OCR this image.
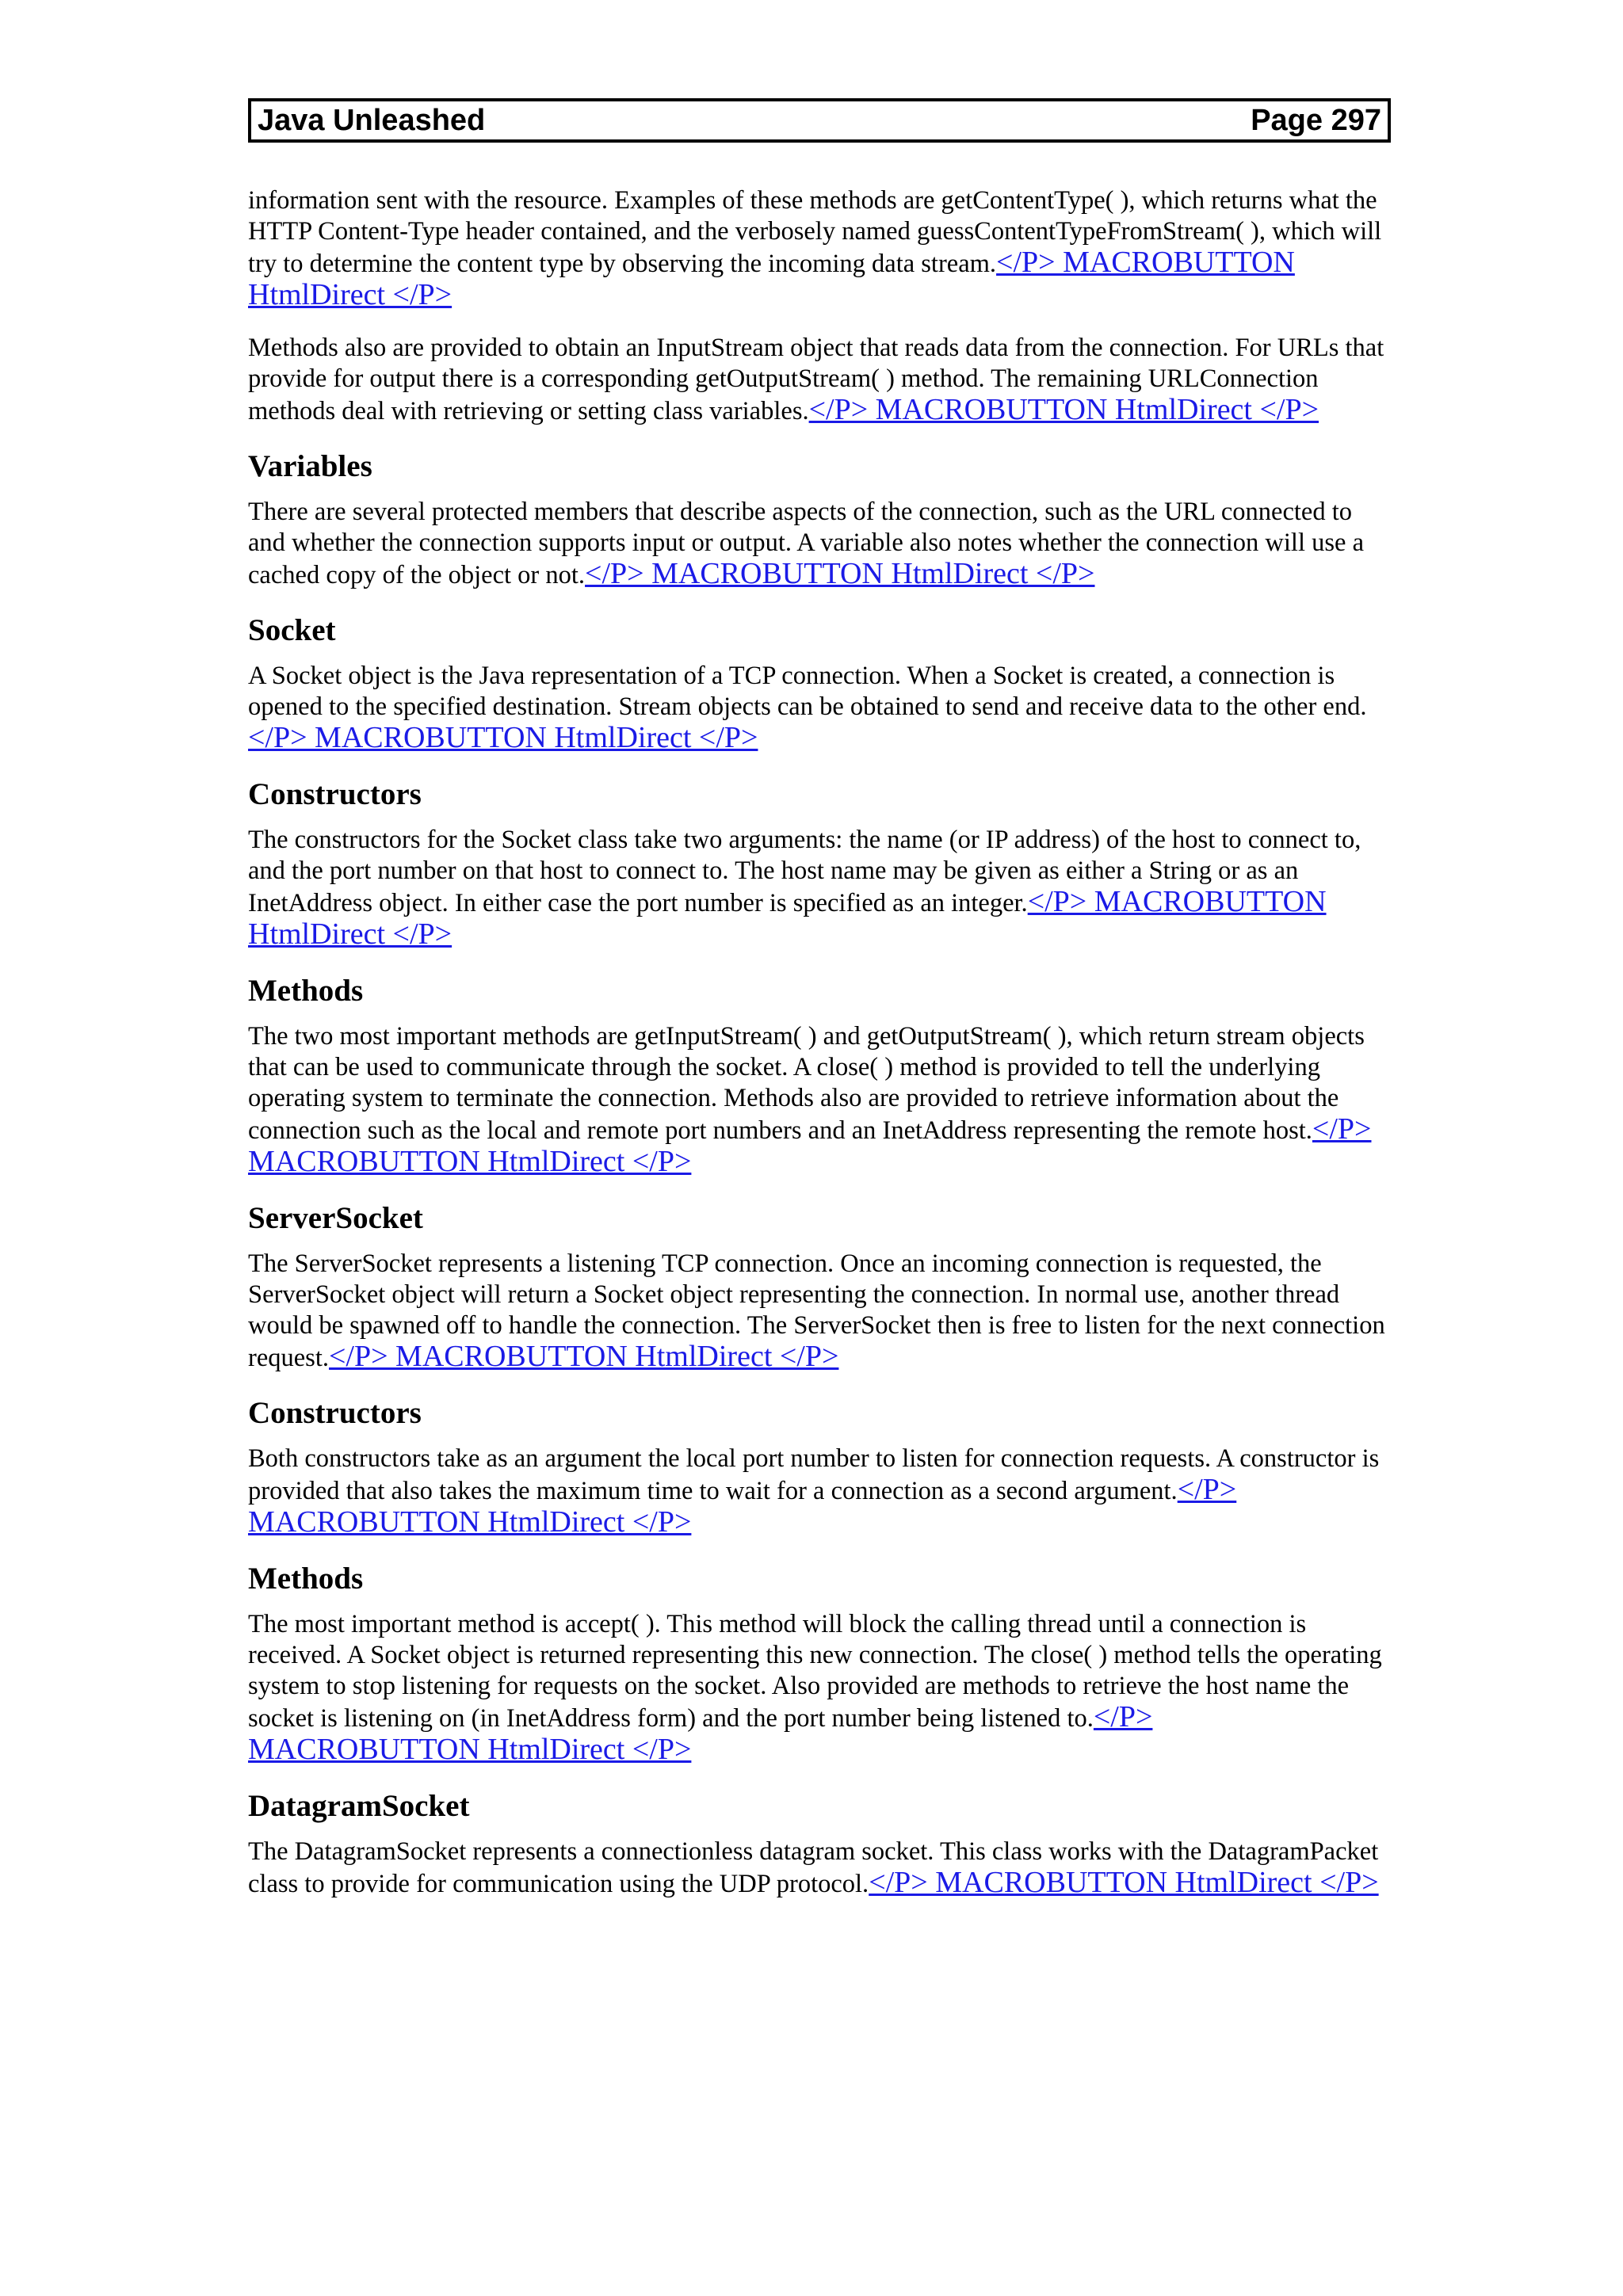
Java Unleashed	Page 297

information sent with the resource. Examples of these methods are getContentType( ), which returns what the HTTP Content-Type header contained, and the verbosely named guessContentTypeFromStream( ), which will try to determine the content type by observing the incoming data stream.</P> MACROBUTTON HtmlDirect </P>

Methods also are provided to obtain an InputStream object that reads data from the connection. For URLs that provide for output there is a corresponding getOutputStream( ) method. The remaining URLConnection methods deal with retrieving or setting class variables.</P> MACROBUTTON HtmlDirect </P>

Variables

There are several protected members that describe aspects of the connection, such as the URL connected to and whether the connection supports input or output. A variable also notes whether the connection will use a cached copy of the object or not.</P> MACROBUTTON HtmlDirect </P>

Socket

A Socket object is the Java representation of a TCP connection. When a Socket is created, a connection is opened to the specified destination. Stream objects can be obtained to send and receive data to the other end.</P> MACROBUTTON HtmlDirect </P>

Constructors

The constructors for the Socket class take two arguments: the name (or IP address) of the host to connect to, and the port number on that host to connect to. The host name may be given as either a String or as an InetAddress object. In either case the port number is specified as an integer.</P> MACROBUTTON HtmlDirect </P>

Methods

The two most important methods are getInputStream( ) and getOutputStream( ), which return stream objects that can be used to communicate through the socket. A close( ) method is provided to tell the underlying operating system to terminate the connection. Methods also are provided to retrieve information about the connection such as the local and remote port numbers and an InetAddress representing the remote host.</P> MACROBUTTON HtmlDirect </P>

ServerSocket

The ServerSocket represents a listening TCP connection. Once an incoming connection is requested, the ServerSocket object will return a Socket object representing the connection. In normal use, another thread would be spawned off to handle the connection. The ServerSocket then is free to listen for the next connection request.</P> MACROBUTTON HtmlDirect </P>

Constructors

Both constructors take as an argument the local port number to listen for connection requests. A constructor is provided that also takes the maximum time to wait for a connection as a second argument.</P> MACROBUTTON HtmlDirect </P>

Methods

The most important method is accept( ). This method will block the calling thread until a connection is received. A Socket object is returned representing this new connection. The close( ) method tells the operating system to stop listening for requests on the socket. Also provided are methods to retrieve the host name the socket is listening on (in InetAddress form) and the port number being listened to.</P> MACROBUTTON HtmlDirect </P>

DatagramSocket

The DatagramSocket represents a connectionless datagram socket. This class works with the DatagramPacket class to provide for communication using the UDP protocol.</P> MACROBUTTON HtmlDirect </P>
